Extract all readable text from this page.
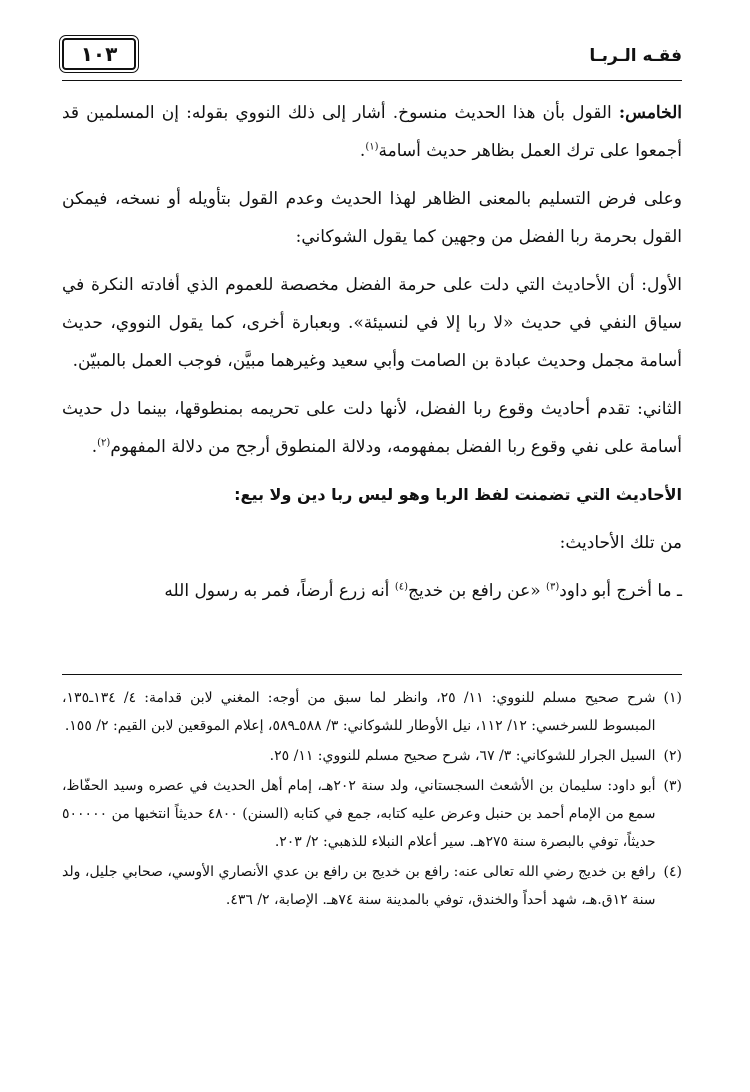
فقـه الـربـا
١٠٣

الخامس: القول بأن هذا الحديث منسوخ. أشار إلى ذلك النووي بقوله: إن المسلمين قد أجمعوا على ترك العمل بظاهر حديث أسامة$^{(١)}$.

وعلى فرض التسليم بالمعنى الظاهر لهذا الحديث وعدم القول بتأويله أو نسخه، فيمكن القول بحرمة ربا الفضل من وجهين كما يقول الشوكاني:

الأول: أن الأحاديث التي دلت على حرمة الفضل مخصصة للعموم الذي أفادته النكرة في سياق النفي في حديث «لا ربا إلا في لنسيئة». وبعبارة أخرى، كما يقول النووي، حديث أسامة مجمل وحديث عبادة بن الصامت وأبي سعيد وغيرهما مبيَّن، فوجب العمل بالمبيّن.

الثاني: تقدم أحاديث وقوع ربا الفضل، لأنها دلت على تحريمه بمنطوقها، بينما دل حديث أسامة على نفي وقوع ربا الفضل بمفهومه، ودلالة المنطوق أرجح من دلالة المفهوم$^{(٢)}$.

الأحاديث التي تضمنت لفظ الربا وهو ليس ربا دين ولا بيع:

من تلك الأحاديث:

ـ ما أخرج أبو داود$^{(٣)}$ «عن رافع بن خديج$^{(٤)}$ أنه زرع أرضاً، فمر به رسول الله

(١)
شرح صحيح مسلم للنووي: ١١/ ٢٥، وانظر لما سبق من أوجه: المغني لابن قدامة: ٤/ ١٣٤ـ١٣٥، المبسوط للسرخسي: ١٢/ ١١٢، نيل الأوطار للشوكاني: ٣/ ٥٨٨ـ٥٨٩، إعلام الموقعين لابن القيم: ٢/ ١٥٥.
(٢)
السيل الجرار للشوكاني: ٣/ ٦٧، شرح صحيح مسلم للنووي: ١١/ ٢٥.
(٣)
أبو داود: سليمان بن الأشعث السجستاني، ولد سنة ٢٠٢هـ، إمام أهل الحديث في عصره وسيد الحفّاظ، سمع من الإمام أحمد بن حنبل وعرض عليه كتابه، جمع في كتابه (السنن) ٤٨٠٠ حديثاً انتخبها من ٥٠٠٠٠٠ حديثاً، توفي بالبصرة سنة ٢٧٥هـ. سير أعلام النبلاء للذهبي: ٢/ ٢٠٣.
(٤)
رافع بن خديج رضي الله تعالى عنه: رافع بن خديج بن رافع بن عدي الأنصاري الأوسي، صحابي جليل، ولد سنة ١٢ق.هـ، شهد أحداً والخندق، توفي بالمدينة سنة ٧٤هـ. الإصابة، ٢/ ٤٣٦.
